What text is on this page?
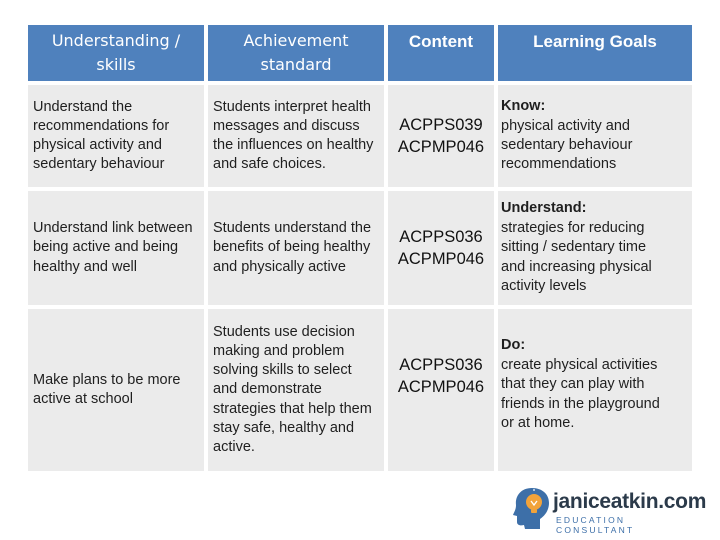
Understanding / skills
Achievement standard
Content	Learning Goals
Understand the recommendations for physical activity and sedentary behaviour
Students interpret health messages and discuss the influences on healthy and safe choices.
ACPPS039
ACPMP046
Know:
physical activity and
sedentary behaviour
recommendations
Understand link between being active and being healthy and well
Students understand the benefits of being healthy and physically active
ACPPS036
ACPMP046
Understand:
strategies for reducing
sitting / sedentary time
and increasing physical
activity levels
Make plans to be more active at school
Students use decision making and problem solving skills to select and demonstrate strategies that help them stay safe, healthy and active.
ACPPS036
ACPMP046
Do:
create physical activities
that they can play with
friends in the playground
or at home.
janiceatkin.com
EDUCATION CONSULTANT
